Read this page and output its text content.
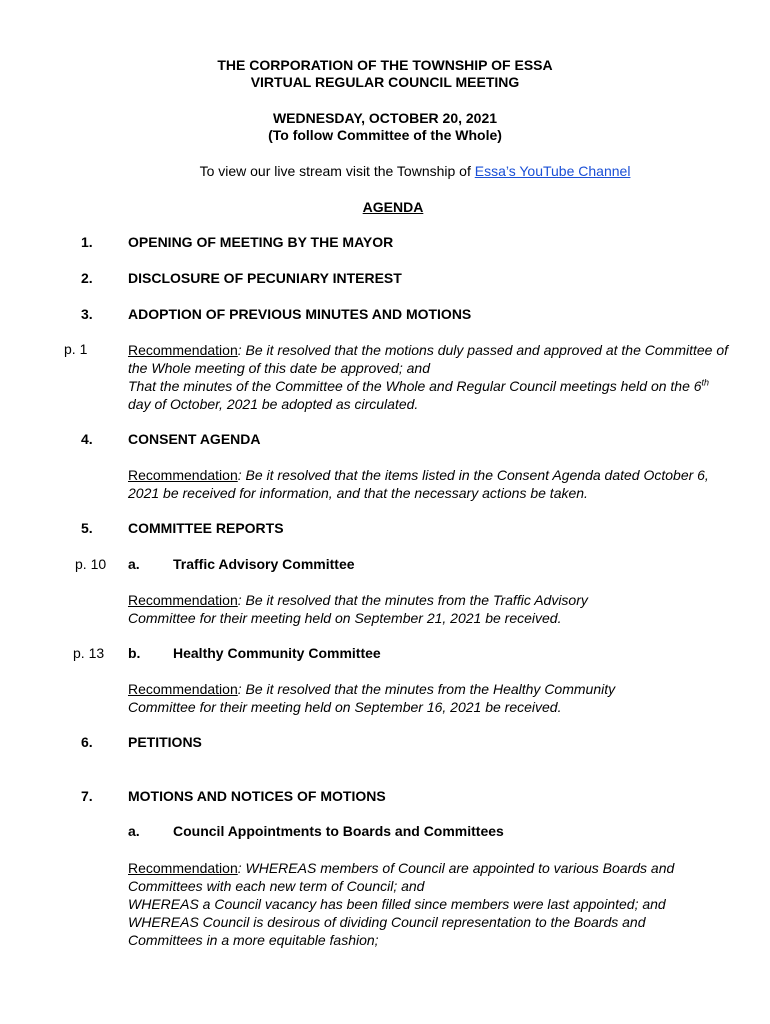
THE CORPORATION OF THE TOWNSHIP OF ESSA
VIRTUAL REGULAR COUNCIL MEETING
WEDNESDAY, OCTOBER 20, 2021
(To follow Committee of the Whole)
To view our live stream visit the Township of Essa’s YouTube Channel
AGENDA
1.	OPENING OF MEETING BY THE MAYOR
2.	DISCLOSURE OF PECUNIARY INTEREST
3.	ADOPTION OF PREVIOUS MINUTES AND MOTIONS
p. 1	Recommendation: Be it resolved that the motions duly passed and approved at the Committee of the Whole meeting of this date be approved; and
That the minutes of the Committee of the Whole and Regular Council meetings held on the 6th day of October, 2021 be adopted as circulated.
4.	CONSENT AGENDA
Recommendation: Be it resolved that the items listed in the Consent Agenda dated October 6, 2021 be received for information, and that the necessary actions be taken.
5.	COMMITTEE REPORTS
p. 10 a. Traffic Advisory Committee
Recommendation: Be it resolved that the minutes from the Traffic Advisory Committee for their meeting held on September 21, 2021 be received.
p. 13 b. Healthy Community Committee
Recommendation: Be it resolved that the minutes from the Healthy Community Committee for their meeting held on September 16, 2021 be received.
6.	PETITIONS
7.	MOTIONS AND NOTICES OF MOTIONS
a. Council Appointments to Boards and Committees
Recommendation: WHEREAS members of Council are appointed to various Boards and Committees with each new term of Council; and
WHEREAS a Council vacancy has been filled since members were last appointed; and
WHEREAS Council is desirous of dividing Council representation to the Boards and Committees in a more equitable fashion;
